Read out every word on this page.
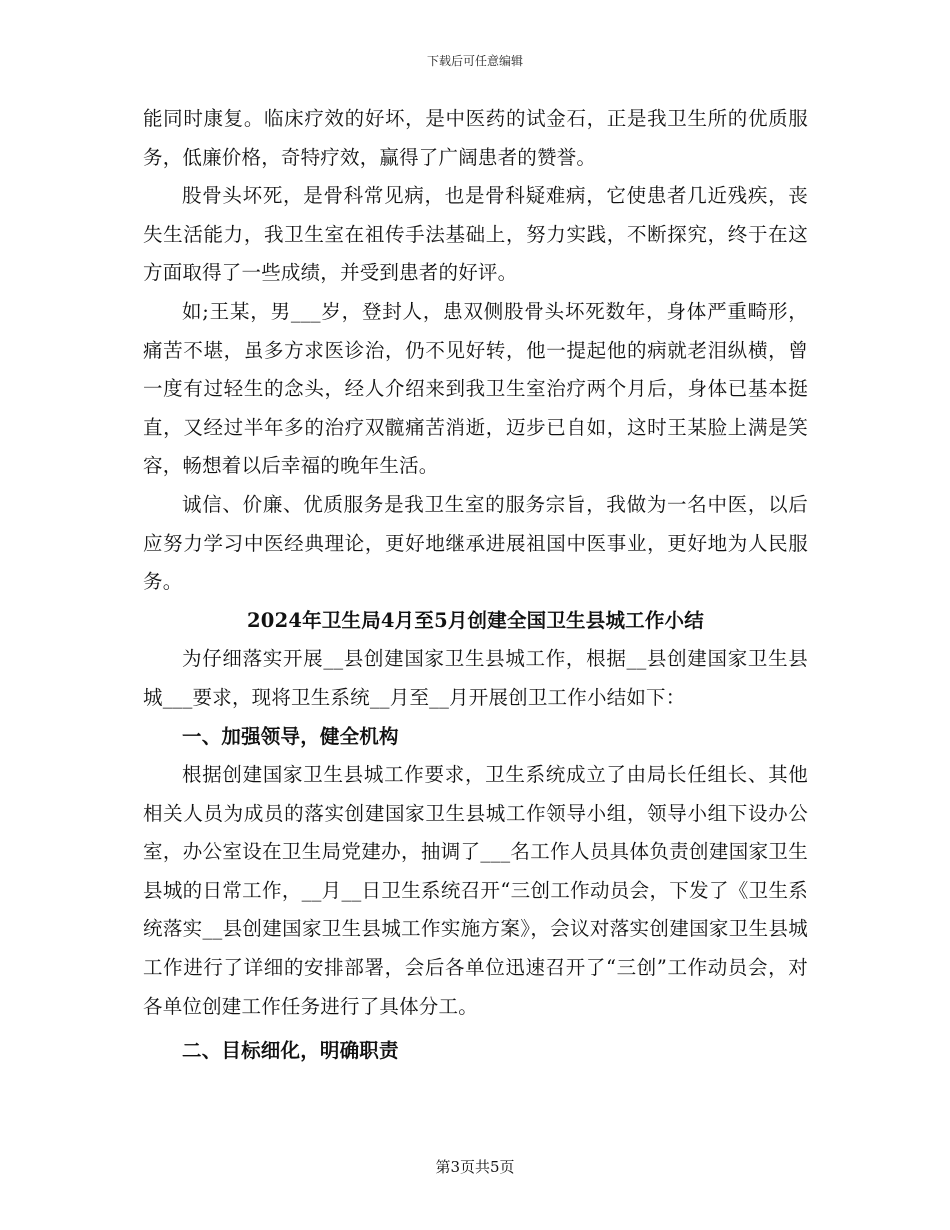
下载后可任意编辑

能同时康复。临床疗效的好坏，是中医药的试金石，正是我卫生所的优质服务，低廉价格，奇特疗效，赢得了广阔患者的赞誉。

股骨头坏死，是骨科常见病，也是骨科疑难病，它使患者几近残疾，丧失生活能力，我卫生室在祖传手法基础上，努力实践，不断探究，终于在这方面取得了一些成绩，并受到患者的好评。

如;王某，男___岁，登封人，患双侧股骨头坏死数年，身体严重畸形，痛苦不堪，虽多方求医诊治，仍不见好转，他一提起他的病就老泪纵横，曾一度有过轻生的念头，经人介绍来到我卫生室治疗两个月后，身体已基本挺直，又经过半年多的治疗双髋痛苦消逝，迈步已自如，这时王某脸上满是笑容，畅想着以后幸福的晚年生活。

诚信、价廉、优质服务是我卫生室的服务宗旨，我做为一名中医，以后应努力学习中医经典理论，更好地继承进展祖国中医事业，更好地为人民服务。

2024年卫生局4月至5月创建全国卫生县城工作小结

为仔细落实开展__县创建国家卫生县城工作，根据__县创建国家卫生县城___要求，现将卫生系统__月至__月开展创卫工作小结如下：

一、加强领导，健全机构

根据创建国家卫生县城工作要求，卫生系统成立了由局长任组长、其他相关人员为成员的落实创建国家卫生县城工作领导小组，领导小组下设办公室，办公室设在卫生局党建办，抽调了___名工作人员具体负责创建国家卫生县城的日常工作，__月__日卫生系统召开“三创工作动员会，下发了《卫生系统落实__县创建国家卫生县城工作实施方案》，会议对落实创建国家卫生县城工作进行了详细的安排部署，会后各单位迅速召开了“三创”工作动员会，对各单位创建工作任务进行了具体分工。

二、目标细化，明确职责

第3页共5页
